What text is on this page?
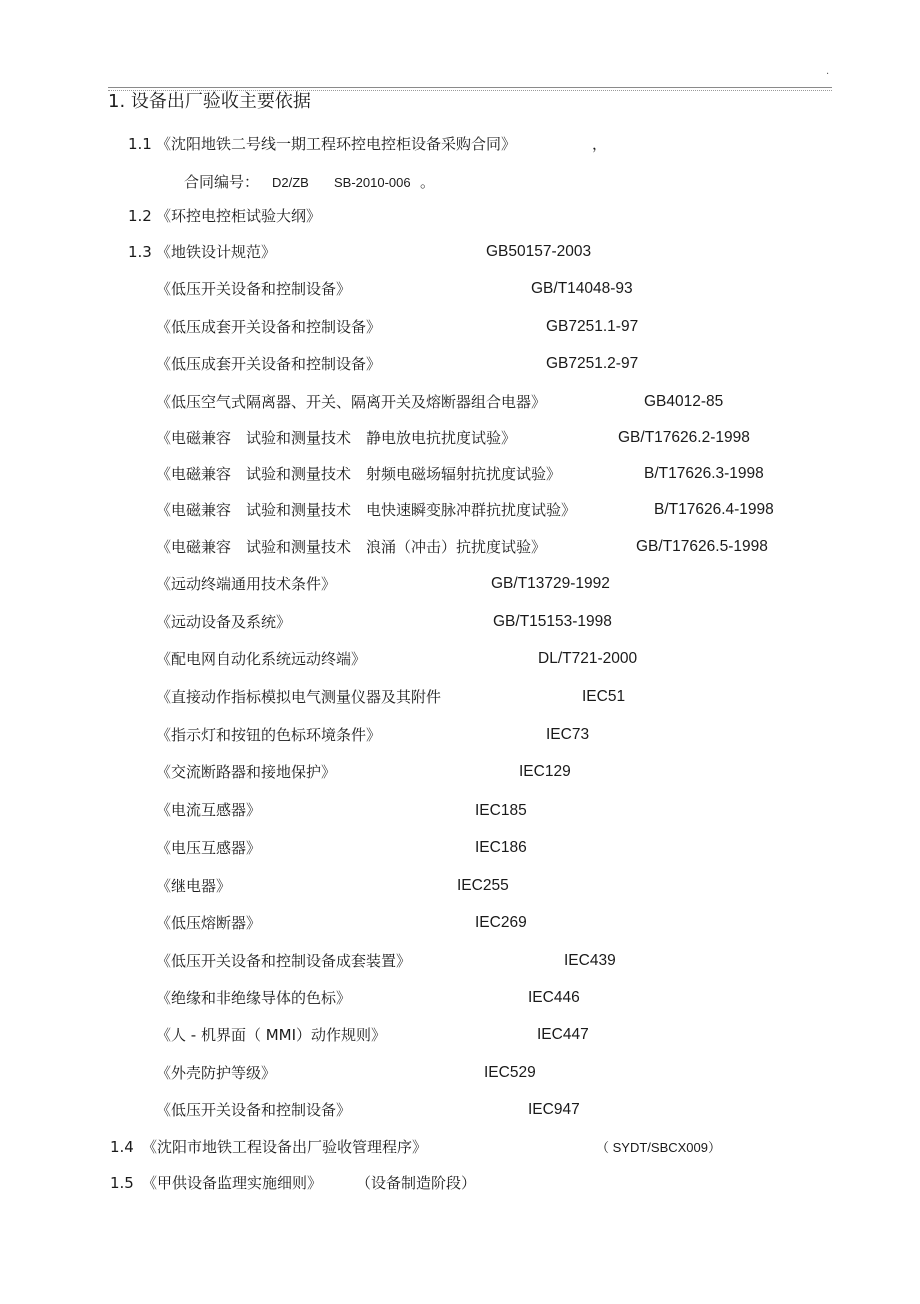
.
1. 设备出厂验收主要依据
1.1 《沈阳地铁二号线一期工程环控电控柜设备采购合同》	，
合同编号： D2/ZB SB-2010-006 。
1.2 《环控电控柜试验大纲》
1.3 《地铁设计规范》	GB50157-2003
《低压开关设备和控制设备》	GB/T14048-93
《低压成套开关设备和控制设备》	GB7251.1-97
《低压成套开关设备和控制设备》	GB7251.2-97
《低压空气式隔离器、开关、隔离开关及熔断器组合电器》	GB4012-85
《电磁兼容　试验和测量技术　静电放电抗扰度试验》	GB/T17626.2-1998
《电磁兼容　试验和测量技术　射频电磁场辐射抗扰度试验》	B/T17626.3-1998
《电磁兼容　试验和测量技术　电快速瞬变脉冲群抗扰度试验》	B/T17626.4-1998
《电磁兼容　试验和测量技术　浪涌（冲击）抗扰度试验》	GB/T17626.5-1998
《远动终端通用技术条件》	GB/T13729-1992
《远动设备及系统》	GB/T15153-1998
《配电网自动化系统远动终端》	DL/T721-2000
《直接动作指标模拟电气测量仪器及其附件	IEC51
《指示灯和按钮的色标环境条件》	IEC73
《交流断路器和接地保护》	IEC129
《电流互感器》	IEC185
《电压互感器》	IEC186
《继电器》	IEC255
《低压熔断器》	IEC269
《低压开关设备和控制设备成套装置》	IEC439
《绝缘和非绝缘导体的色标》	IEC446
《人 - 机界面（ MMI）动作规则》	IEC447
《外壳防护等级》	IEC529
《低压开关设备和控制设备》	IEC947
1.4 《沈阳市地铁工程设备出厂验收管理程序》	（ SYDT/SBCX009）
1.5 《甲供设备监理实施细则》 （设备制造阶段）
